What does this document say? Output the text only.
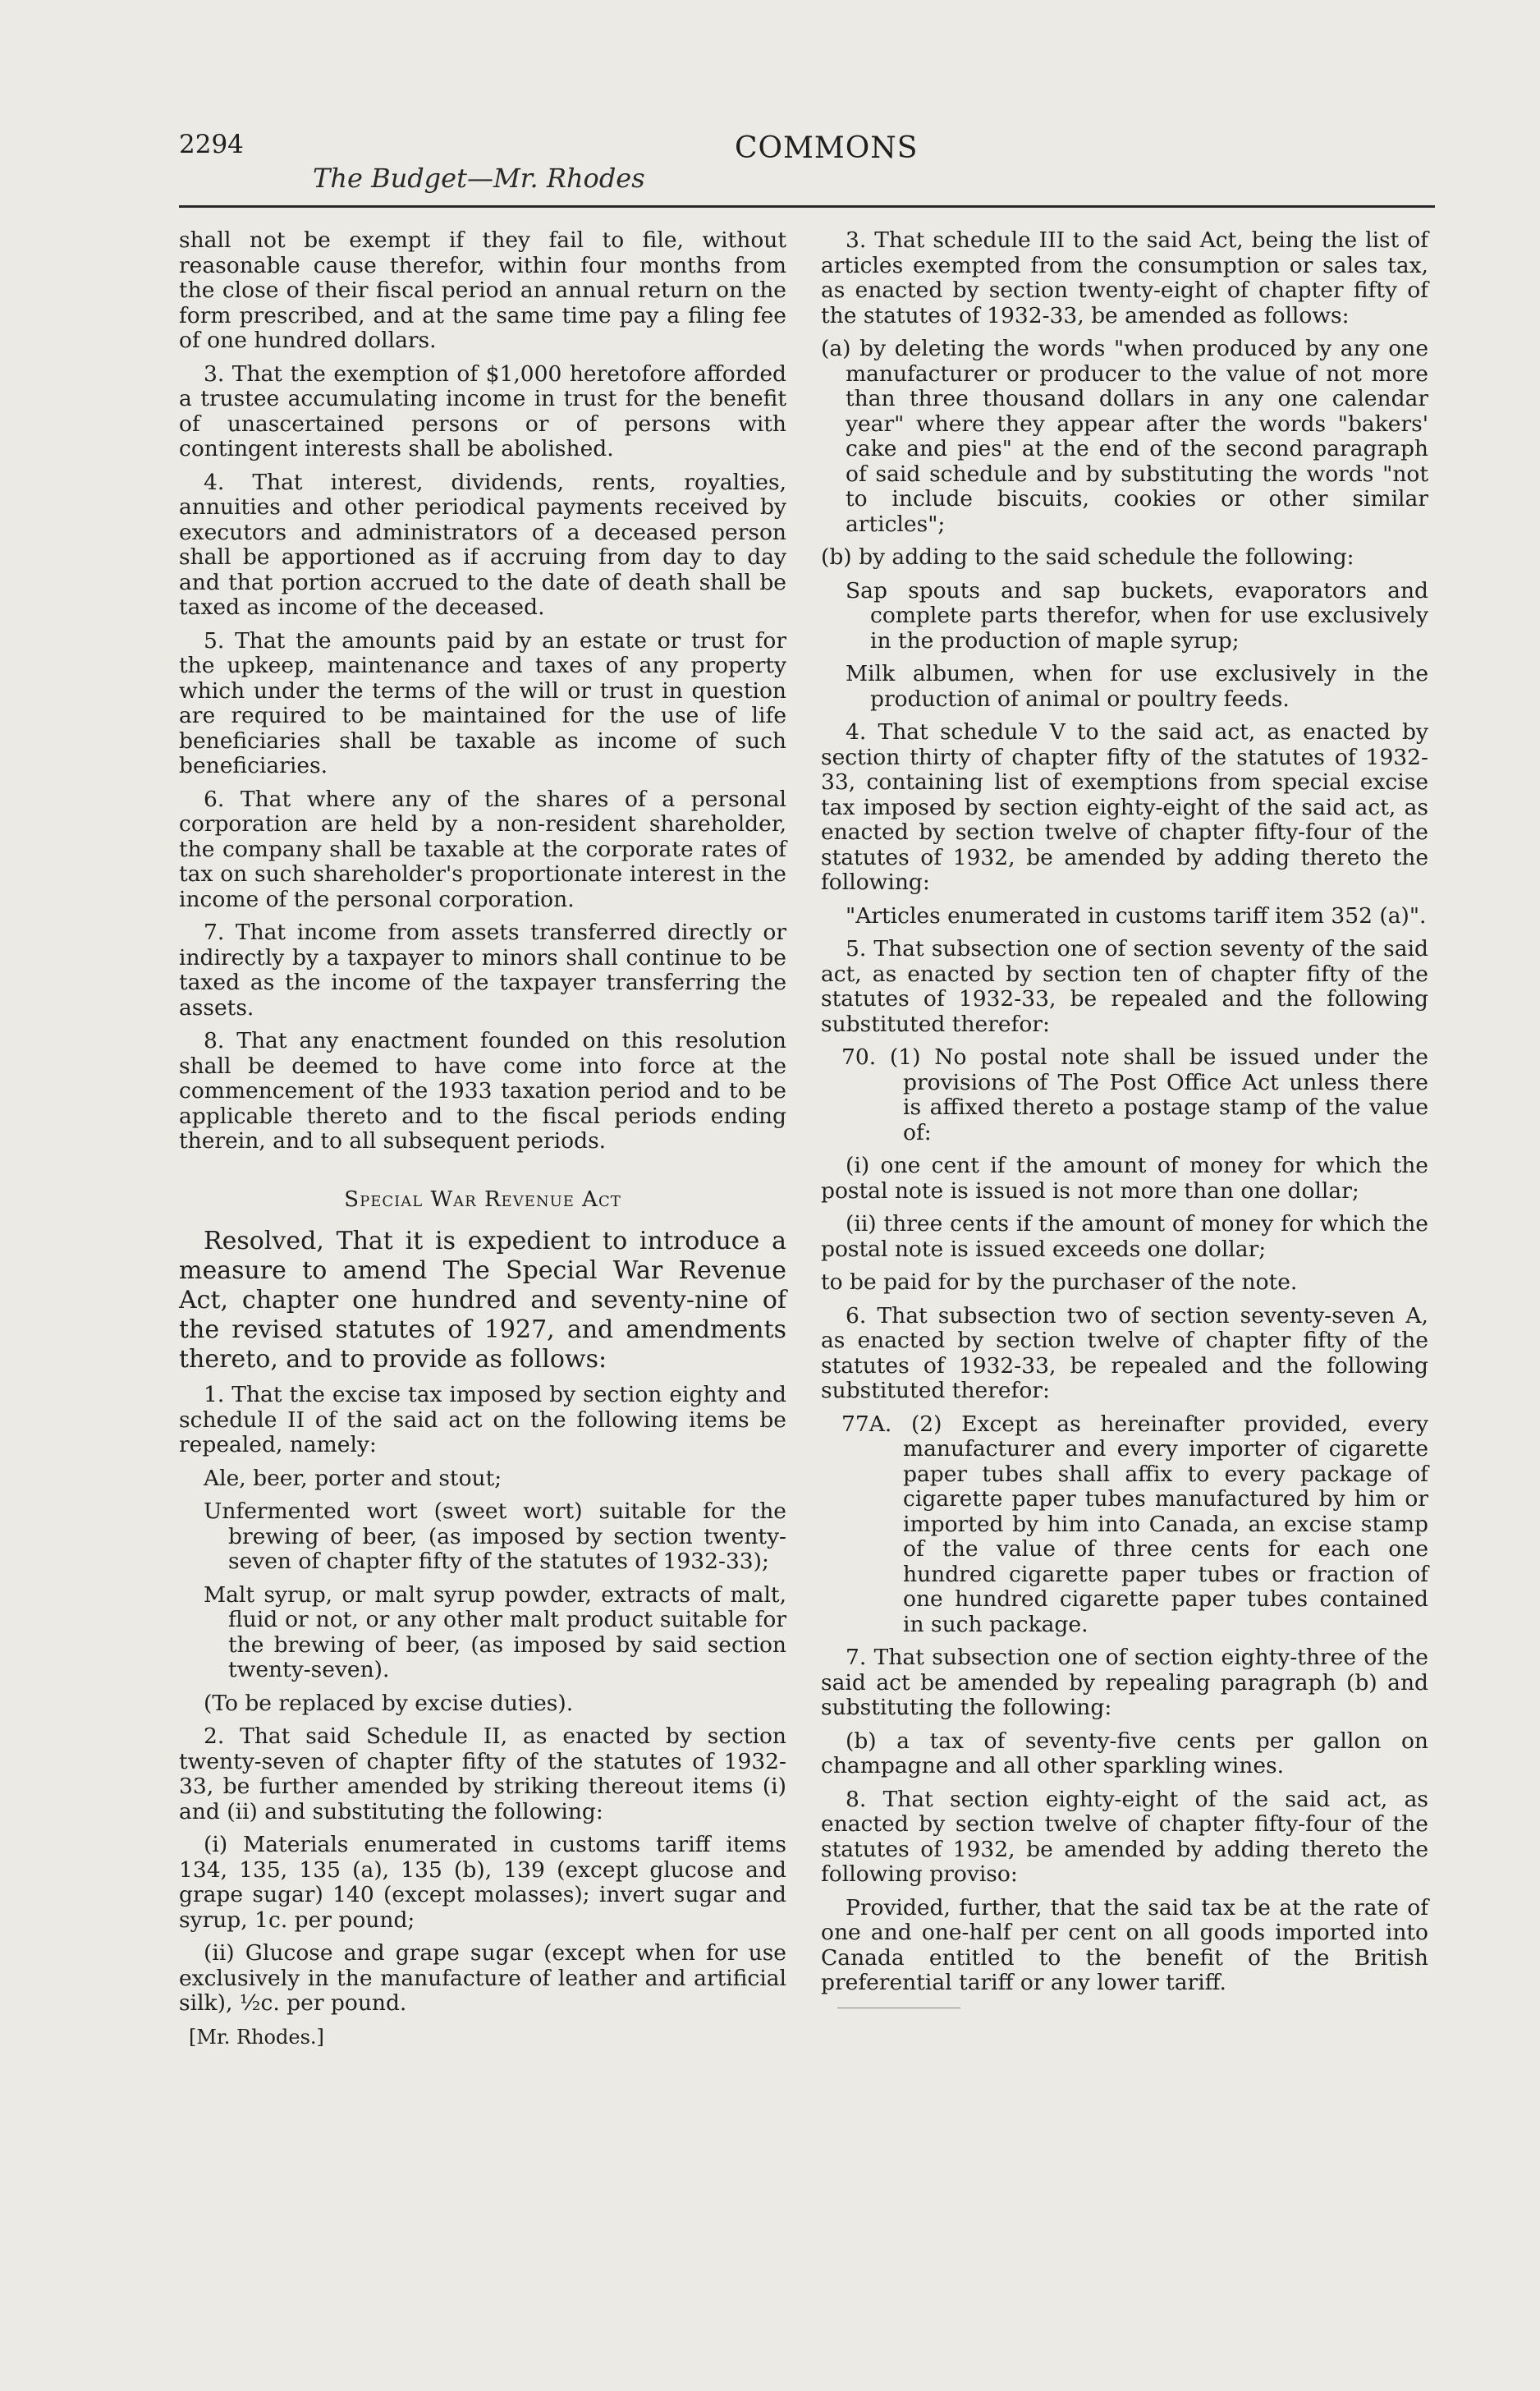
2294
The Budget—Mr. Rhodes
COMMONS

shall not be exempt if they fail to file, without reasonable cause therefor, within four months from the close of their fiscal period an annual return on the form prescribed, and at the same time pay a filing fee of one hundred dollars.

3. That the exemption of $1,000 heretofore afforded a trustee accumulating income in trust for the benefit of unascertained persons or of persons with contingent interests shall be abolished.

4. That interest, dividends, rents, royalties, annuities and other periodical payments received by executors and administrators of a deceased person shall be apportioned as if accruing from day to day and that portion accrued to the date of death shall be taxed as income of the deceased.

5. That the amounts paid by an estate or trust for the upkeep, maintenance and taxes of any property which under the terms of the will or trust in question are required to be maintained for the use of life beneficiaries shall be taxable as income of such beneficiaries.

6. That where any of the shares of a personal corporation are held by a non-resident shareholder, the company shall be taxable at the corporate rates of tax on such shareholder's proportionate interest in the income of the personal corporation.

7. That income from assets transferred directly or indirectly by a taxpayer to minors shall continue to be taxed as the income of the taxpayer transferring the assets.

8. That any enactment founded on this resolution shall be deemed to have come into force at the commencement of the 1933 taxation period and to be applicable thereto and to the fiscal periods ending therein, and to all subsequent periods.

Special War Revenue Act

Resolved, That it is expedient to introduce a measure to amend The Special War Revenue Act, chapter one hundred and seventy-nine of the revised statutes of 1927, and amendments thereto, and to provide as follows:

1. That the excise tax imposed by section eighty and schedule II of the said act on the following items be repealed, namely:

Ale, beer, porter and stout;

Unfermented wort (sweet wort) suitable for the brewing of beer, (as imposed by section twenty-seven of chapter fifty of the statutes of 1932-33);

Malt syrup, or malt syrup powder, extracts of malt, fluid or not, or any other malt product suitable for the brewing of beer, (as imposed by said section twenty-seven).

(To be replaced by excise duties).

2. That said Schedule II, as enacted by section twenty-seven of chapter fifty of the statutes of 1932-33, be further amended by striking thereout items (i) and (ii) and substituting the following:

(i) Materials enumerated in customs tariff items 134, 135, 135 (a), 135 (b), 139 (except glucose and grape sugar) 140 (except molasses); invert sugar and syrup, 1c. per pound;

(ii) Glucose and grape sugar (except when for use exclusively in the manufacture of leather and artificial silk), ½c. per pound.

[Mr. Rhodes.]

3. That schedule III to the said Act, being the list of articles exempted from the consumption or sales tax, as enacted by section twenty-eight of chapter fifty of the statutes of 1932-33, be amended as follows:

(a) by deleting the words "when produced by any one manufacturer or producer to the value of not more than three thousand dollars in any one calendar year" where they appear after the words "bakers' cake and pies" at the end of the second paragraph of said schedule and by substituting the words "not to include biscuits, cookies or other similar articles";

(b) by adding to the said schedule the following:

Sap spouts and sap buckets, evaporators and complete parts therefor, when for use exclusively in the production of maple syrup;

Milk albumen, when for use exclusively in the production of animal or poultry feeds.

4. That schedule V to the said act, as enacted by section thirty of chapter fifty of the statutes of 1932-33, containing list of exemptions from special excise tax imposed by section eighty-eight of the said act, as enacted by section twelve of chapter fifty-four of the statutes of 1932, be amended by adding thereto the following:

"Articles enumerated in customs tariff item 352 (a)".

5. That subsection one of section seventy of the said act, as enacted by section ten of chapter fifty of the statutes of 1932-33, be repealed and the following substituted therefor:

70. (1) No postal note shall be issued under the provisions of The Post Office Act unless there is affixed thereto a postage stamp of the value of:

(i) one cent if the amount of money for which the postal note is issued is not more than one dollar;

(ii) three cents if the amount of money for which the postal note is issued exceeds one dollar;

to be paid for by the purchaser of the note.

6. That subsection two of section seventy-seven A, as enacted by section twelve of chapter fifty of the statutes of 1932-33, be repealed and the following substituted therefor:

77A. (2) Except as hereinafter provided, every manufacturer and every importer of cigarette paper tubes shall affix to every package of cigarette paper tubes manufactured by him or imported by him into Canada, an excise stamp of the value of three cents for each one hundred cigarette paper tubes or fraction of one hundred cigarette paper tubes contained in such package.

7. That subsection one of section eighty-three of the said act be amended by repealing paragraph (b) and substituting the following:

(b) a tax of seventy-five cents per gallon on champagne and all other sparkling wines.

8. That section eighty-eight of the said act, as enacted by section twelve of chapter fifty-four of the statutes of 1932, be amended by adding thereto the following proviso:

Provided, further, that the said tax be at the rate of one and one-half per cent on all goods imported into Canada entitled to the benefit of the British preferential tariff or any lower tariff.
